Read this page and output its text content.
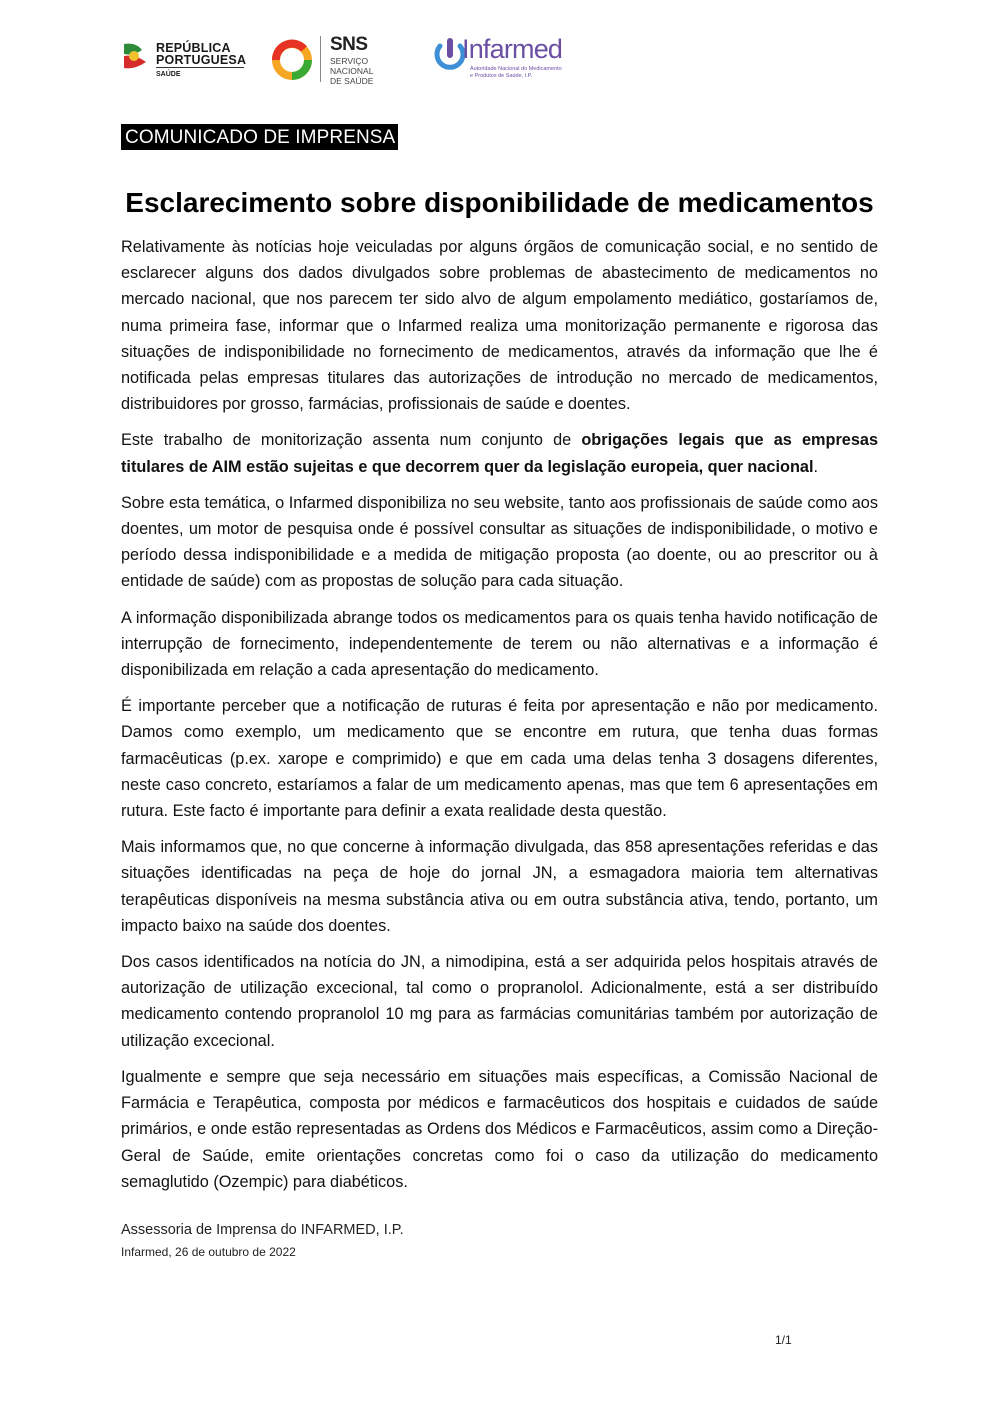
REPÚBLICA
PORTUGUESA
SAÚDE
SNS
SERVIÇO NACIONAL
DE SAÚDE
Infarmed
Autoridade Nacional do Medicamento
e Produtos de Saúde, I.P.
COMUNICADO DE IMPRENSA
Esclarecimento sobre disponibilidade de medicamentos

Relativamente às notícias hoje veiculadas por alguns órgãos de comunicação social, e no sentido de esclarecer alguns dos dados divulgados sobre problemas de abastecimento de medicamentos no mercado nacional, que nos parecem ter sido alvo de algum empolamento mediático, gostaríamos de, numa primeira fase, informar que o Infarmed realiza uma monitorização permanente e rigorosa das situações de indisponibilidade no fornecimento de medicamentos, através da informação que lhe é notificada pelas empresas titulares das autorizações de introdução no mercado de medicamentos, distribuidores por grosso, farmácias, profissionais de saúde e doentes.

Este trabalho de monitorização assenta num conjunto de obrigações legais que as empresas titulares de AIM estão sujeitas e que decorrem quer da legislação europeia, quer nacional.

Sobre esta temática, o Infarmed disponibiliza no seu website, tanto aos profissionais de saúde como aos doentes, um motor de pesquisa onde é possível consultar as situações de indisponibilidade, o motivo e período dessa indisponibilidade e a medida de mitigação proposta (ao doente, ou ao prescritor ou à entidade de saúde) com as propostas de solução para cada situação.

A informação disponibilizada abrange todos os medicamentos para os quais tenha havido notificação de interrupção de fornecimento, independentemente de terem ou não alternativas e a informação é disponibilizada em relação a cada apresentação do medicamento.

É importante perceber que a notificação de ruturas é feita por apresentação e não por medicamento. Damos como exemplo, um medicamento que se encontre em rutura, que tenha duas formas farmacêuticas (p.ex. xarope e comprimido) e que em cada uma delas tenha 3 dosagens diferentes, neste caso concreto, estaríamos a falar de um medicamento apenas, mas que tem 6 apresentações em rutura. Este facto é importante para definir a exata realidade desta questão.

Mais informamos que, no que concerne à informação divulgada, das 858 apresentações referidas e das situações identificadas na peça de hoje do jornal JN, a esmagadora maioria tem alternativas terapêuticas disponíveis na mesma substância ativa ou em outra substância ativa, tendo, portanto, um impacto baixo na saúde dos doentes.

Dos casos identificados na notícia do JN, a nimodipina, está a ser adquirida pelos hospitais através de autorização de utilização excecional, tal como o propranolol. Adicionalmente, está a ser distribuído medicamento contendo propranolol 10 mg para as farmácias comunitárias também por autorização de utilização excecional.

Igualmente e sempre que seja necessário em situações mais específicas, a Comissão Nacional de Farmácia e Terapêutica, composta por médicos e farmacêuticos dos hospitais e cuidados de saúde primários, e onde estão representadas as Ordens dos Médicos e Farmacêuticos, assim como a Direção-Geral de Saúde, emite orientações concretas como foi o caso da utilização do medicamento semaglutido (Ozempic) para diabéticos.

Assessoria de Imprensa do INFARMED, I.P.
Infarmed, 26 de outubro de 2022
1/1
